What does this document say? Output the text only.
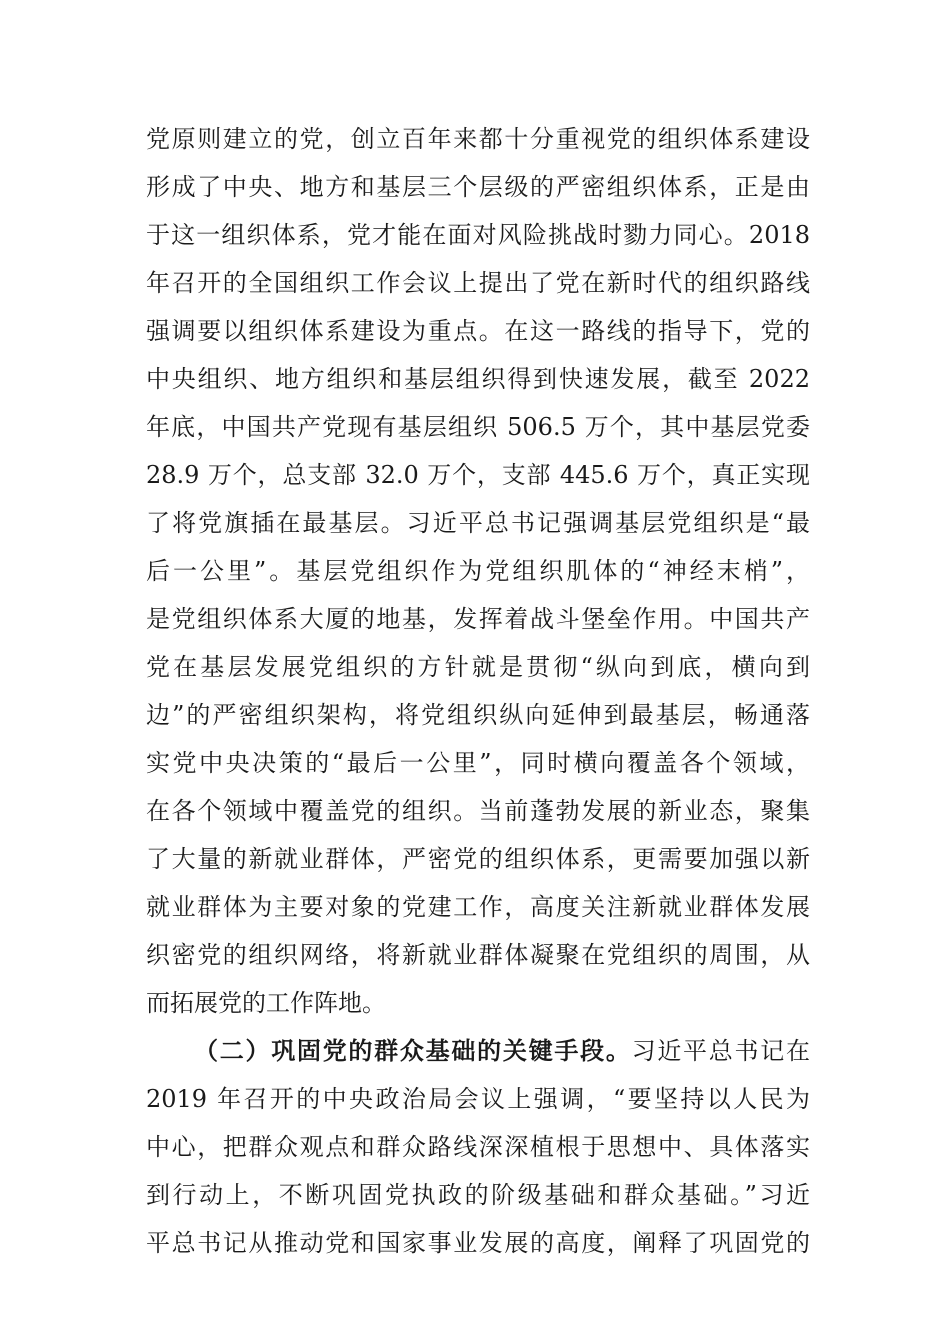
党原则建立的党，创立百年来都十分重视党的组织体系建设
形成了中央、地方和基层三个层级的严密组织体系，正是由
于这一组织体系，党才能在面对风险挑战时勠力同心。2018
年召开的全国组织工作会议上提出了党在新时代的组织路线
强调要以组织体系建设为重点。在这一路线的指导下，党的
中央组织、地方组织和基层组织得到快速发展，截至 2022
年底，中国共产党现有基层组织 506.5 万个，其中基层党委
28.9 万个，总支部 32.0 万个，支部 445.6 万个，真正实现
了将党旗插在最基层。习近平总书记强调基层党组织是“最
后一公里”。基层党组织作为党组织肌体的“神经末梢”，
是党组织体系大厦的地基，发挥着战斗堡垒作用。中国共产
党在基层发展党组织的方针就是贯彻“纵向到底，横向到
边”的严密组织架构，将党组织纵向延伸到最基层，畅通落
实党中央决策的“最后一公里”，同时横向覆盖各个领域，
在各个领域中覆盖党的组织。当前蓬勃发展的新业态，聚集
了大量的新就业群体，严密党的组织体系，更需要加强以新
就业群体为主要对象的党建工作，高度关注新就业群体发展
织密党的组织网络，将新就业群体凝聚在党组织的周围，从
而拓展党的工作阵地。
（二）巩固党的群众基础的关键手段。习近平总书记在
2019 年召开的中央政治局会议上强调，“要坚持以人民为
中心，把群众观点和群众路线深深植根于思想中、具体落实
到行动上，不断巩固党执政的阶级基础和群众基础。”习近
平总书记从推动党和国家事业发展的高度，阐释了巩固党的
